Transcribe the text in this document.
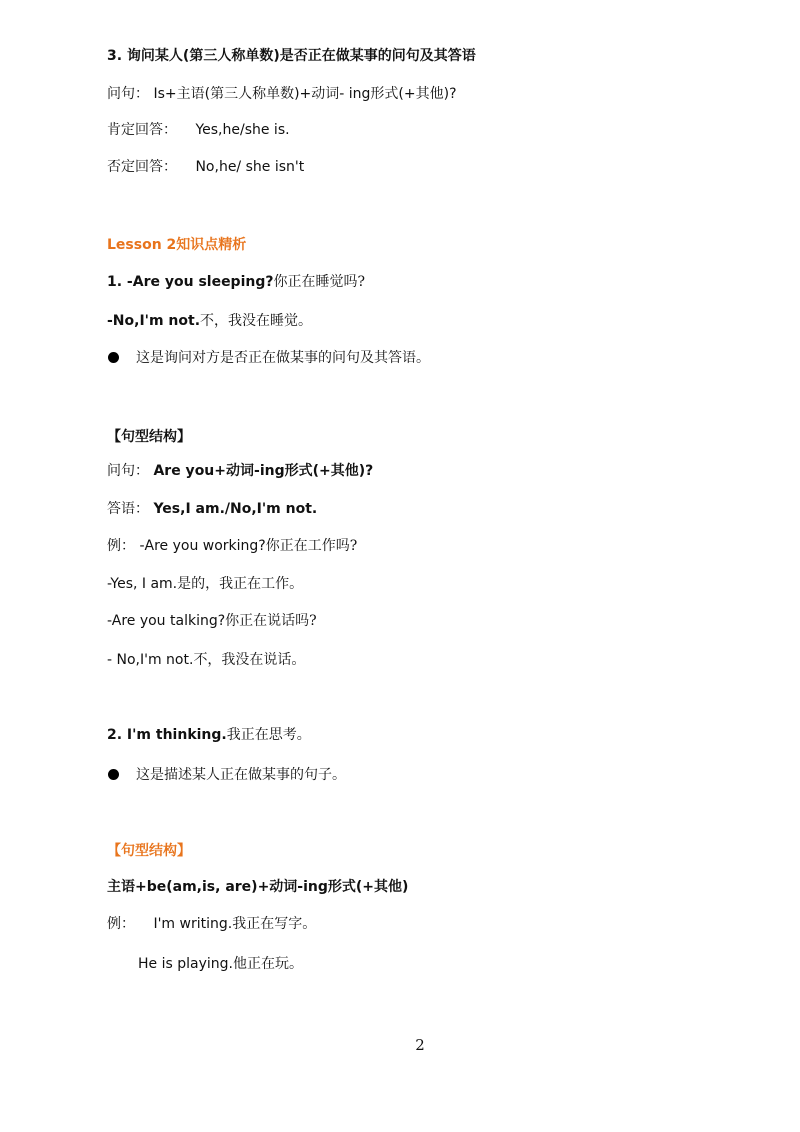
3. 询问某人(第三人称单数)是否正在做某事的问句及其答语
问句： Is+主语(第三人称单数)+动词- ing形式(+其他)?
肯定回答： Yes,he/she is.
否定回答： No,he/ she isn't
Lesson 2知识点精析
1. -Are you sleeping?你正在睡觉吗?
-No,I'm not.不，我没在睡觉。
这是询问对方是否正在做某事的问句及其答语。
【句型结构】
问句： Are you+动词-ing形式(+其他)?
答语： Yes,I am./No,I'm not.
例： -Are you working?你正在工作吗?
-Yes, I am.是的，我正在工作。
-Are you talking?你正在说话吗?
- No,I'm not.不，我没在说话。
2. I'm thinking.我正在思考。
这是描述某人正在做某事的句子。
【句型结构】
主语+be(am,is, are)+动词-ing形式(+其他)
例： I'm writing.我正在写字。
He is playing.他正在玩。
2
